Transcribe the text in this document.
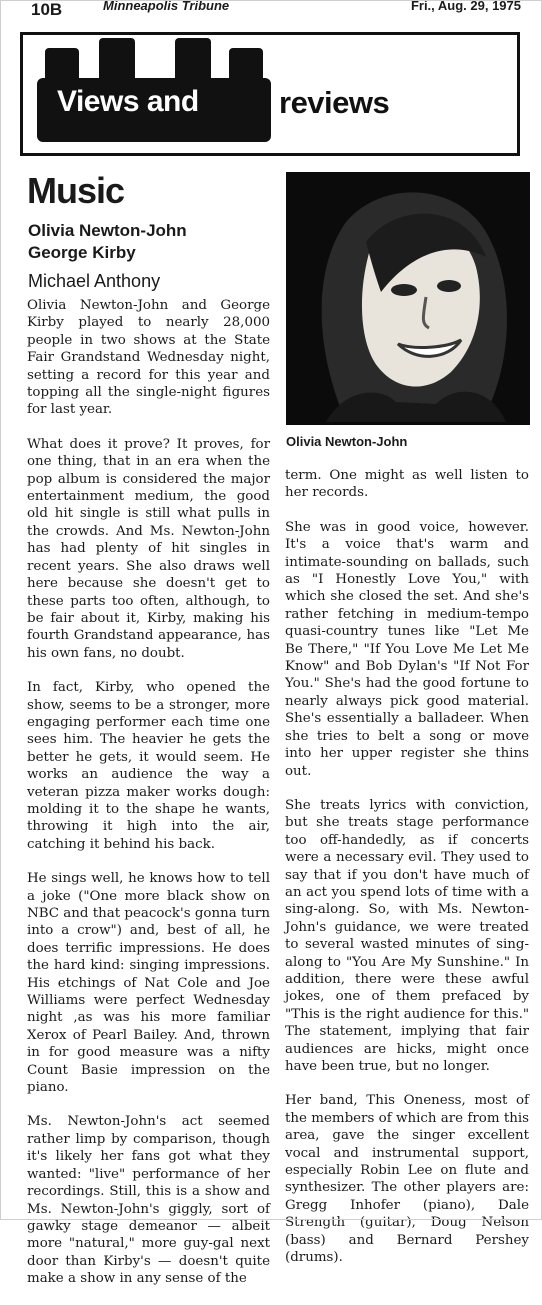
10B	Minneapolis Tribune	Fri., Aug. 29, 1975
Views and	reviews
Music
Olivia Newton-John
George Kirby
Michael Anthony
Olivia Newton-John

Olivia Newton-John and George Kirby played to nearly 28,000 people in two shows at the State Fair Grandstand Wednesday night, setting a record for this year and topping all the single-night figures for last year.

What does it prove? It proves, for one thing, that in an era when the pop album is considered the major entertainment medium, the good old hit single is still what pulls in the crowds. And Ms. Newton-John has had plenty of hit singles in recent years. She also draws well here because she doesn't get to these parts too often, although, to be fair about it, Kirby, making his fourth Grandstand appearance, has his own fans, no doubt.

In fact, Kirby, who opened the show, seems to be a stronger, more engaging performer each time one sees him. The heavier he gets the better he gets, it would seem. He works an audience the way a veteran pizza maker works dough: molding it to the shape he wants, throwing it high into the air, catching it behind his back.

He sings well, he knows how to tell a joke ("One more black show on NBC and that peacock's gonna turn into a crow") and, best of all, he does terrific impressions. He does the hard kind: singing impressions. His etchings of Nat Cole and Joe Williams were perfect Wednesday night ,as was his more familiar Xerox of Pearl Bailey. And, thrown in for good measure was a nifty Count Basie impression on the piano.

Ms. Newton-John's act seemed rather limp by comparison, though it's likely her fans got what they wanted: "live" performance of her recordings. Still, this is a show and Ms. Newton-John's giggly, sort of gawky stage demeanor — albeit more "natural," more guy-gal next door than Kirby's — doesn't quite make a show in any sense of the

term. One might as well listen to her records.

She was in good voice, however. It's a voice that's warm and intimate-sounding on ballads, such as "I Honestly Love You," with which she closed the set. And she's rather fetching in medium-tempo quasi-country tunes like "Let Me Be There," "If You Love Me Let Me Know" and Bob Dylan's "If Not For You." She's had the good fortune to nearly always pick good material. She's essentially a balladeer. When she tries to belt a song or move into her upper register she thins out.

She treats lyrics with conviction, but she treats stage performance too off-handedly, as if concerts were a necessary evil. They used to say that if you don't have much of an act you spend lots of time with a sing-along. So, with Ms. Newton-John's guidance, we were treated to several wasted minutes of sing-along to "You Are My Sunshine." In addition, there were these awful jokes, one of them prefaced by "This is the right audience for this." The statement, implying that fair audiences are hicks, might once have been true, but no longer.

Her band, This Oneness, most of the members of which are from this area, gave the singer excellent vocal and instrumental support, especially Robin Lee on flute and synthesizer. The other players are: Gregg Inhofer (piano), Dale Strength (guitar), Doug Nelson (bass) and Bernard Pershey (drums).
